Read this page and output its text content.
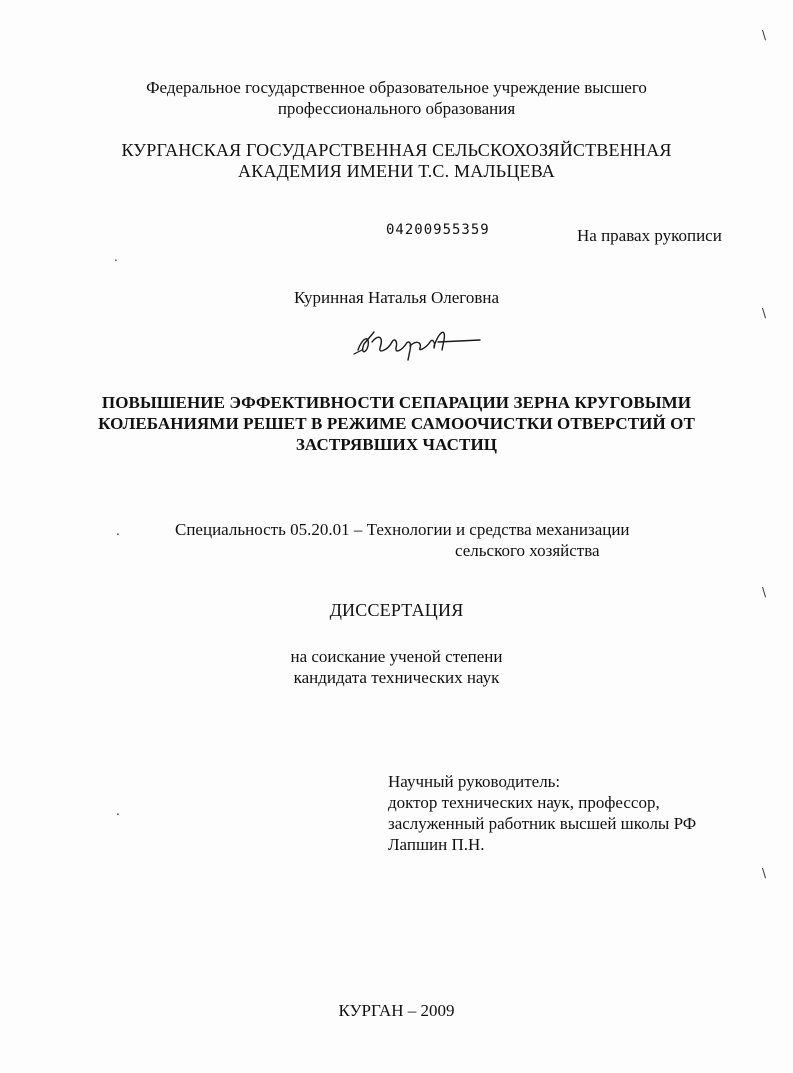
\
.
\
.
\
.
\
Федеральное государственное образовательное учреждение высшего
профессионального образования
КУРГАНСКАЯ ГОСУДАРСТВЕННАЯ СЕЛЬСКОХОЗЯЙСТВЕННАЯ
АКАДЕМИЯ ИМЕНИ Т.С. МАЛЬЦЕВА
04200955359	На правах рукописи
Куринная Наталья Олеговна
ПОВЫШЕНИЕ ЭФФЕКТИВНОСТИ СЕПАРАЦИИ ЗЕРНА КРУГОВЫМИ
КОЛЕБАНИЯМИ РЕШЕТ В РЕЖИМЕ САМООЧИСТКИ ОТВЕРСТИЙ ОТ
ЗАСТРЯВШИХ ЧАСТИЦ
Специальность 05.20.01 – Технологии и средства механизации
сельского хозяйства
ДИССЕРТАЦИЯ
на соискание ученой степени
кандидата технических наук
Научный руководитель:
доктор технических наук, профессор,
заслуженный работник высшей школы РФ
Лапшин П.Н.
КУРГАН – 2009
